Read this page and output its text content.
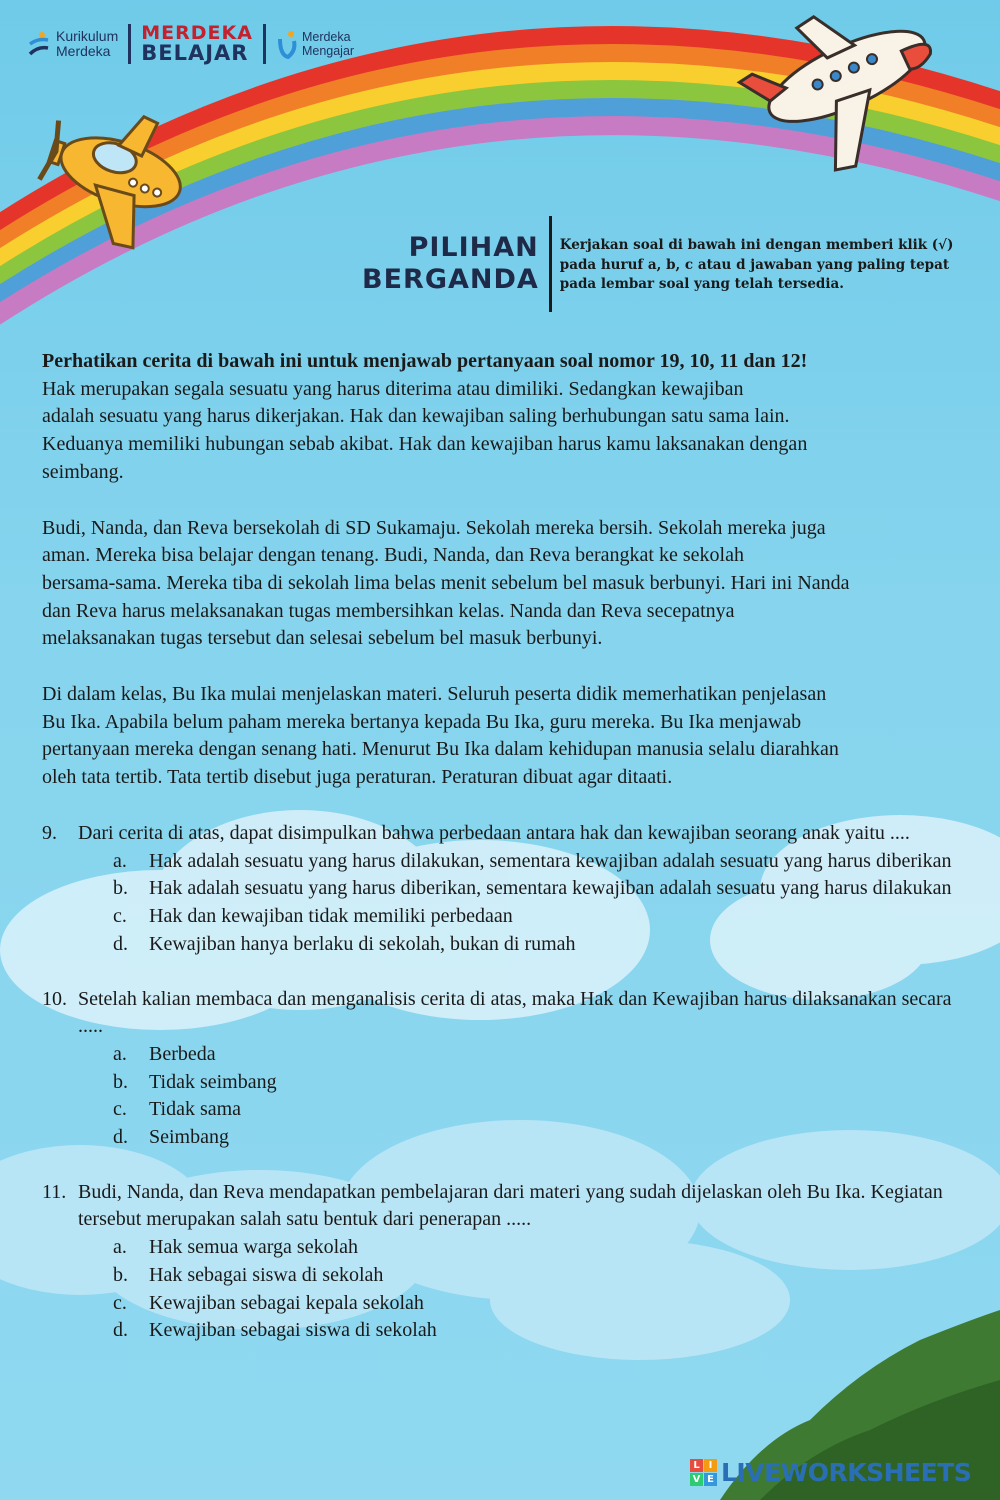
Kurikulum
Merdeka
MERDEKA
BELAJAR
Merdeka
Mengajar
PILIHAN
BERGANDA
Kerjakan soal di bawah ini dengan memberi klik (√)
pada huruf a, b, c atau d jawaban yang paling tepat
pada lembar soal yang telah tersedia.

Perhatikan cerita di bawah ini untuk menjawab pertanyaan soal nomor 19, 10, 11 dan 12!

Hak merupakan segala sesuatu yang harus diterima atau dimiliki. Sedangkan kewajiban

adalah sesuatu yang harus dikerjakan. Hak dan kewajiban saling berhubungan satu sama lain.

Keduanya memiliki hubungan sebab akibat. Hak dan kewajiban harus kamu laksanakan dengan

seimbang.

Budi, Nanda, dan Reva bersekolah di SD Sukamaju. Sekolah mereka bersih. Sekolah mereka juga

aman. Mereka bisa belajar dengan tenang. Budi, Nanda, dan Reva berangkat ke sekolah

bersama-sama. Mereka tiba di sekolah lima belas menit sebelum bel masuk berbunyi. Hari ini Nanda

dan Reva harus melaksanakan tugas membersihkan kelas. Nanda dan Reva secepatnya

melaksanakan tugas tersebut dan selesai sebelum bel masuk berbunyi.

Di dalam kelas, Bu Ika mulai menjelaskan materi. Seluruh peserta didik memerhatikan penjelasan

Bu Ika. Apabila belum paham mereka bertanya kepada Bu Ika, guru mereka. Bu Ika menjawab

pertanyaan mereka dengan senang hati. Menurut Bu Ika dalam kehidupan manusia selalu diarahkan

oleh tata tertib. Tata tertib disebut juga peraturan. Peraturan dibuat agar ditaati.

9.	Dari cerita di atas, dapat disimpulkan bahwa perbedaan antara hak dan kewajiban seorang anak yaitu ....
a.	Hak adalah sesuatu yang harus dilakukan, sementara kewajiban adalah sesuatu yang harus diberikan
b.	Hak adalah sesuatu yang harus diberikan, sementara kewajiban adalah sesuatu yang harus dilakukan
c.	Hak dan kewajiban tidak memiliki perbedaan
d.	Kewajiban hanya berlaku di sekolah, bukan di rumah
10. Setelah kalian membaca dan menganalisis cerita di atas, maka Hak dan Kewajiban harus dilaksanakan secara .....
a.	Berbeda
b.	Tidak seimbang
c.	Tidak sama
d.	Seimbang
11. Budi, Nanda, dan Reva mendapatkan pembelajaran dari materi yang sudah dijelaskan oleh Bu Ika. Kegiatan tersebut merupakan salah satu bentuk dari penerapan .....
a.	Hak semua warga sekolah
b.	Hak sebagai siswa di sekolah
c.	Kewajiban sebagai kepala sekolah
d.	Kewajiban sebagai siswa di sekolah
L I
V E LIVEWORKSHEETS
